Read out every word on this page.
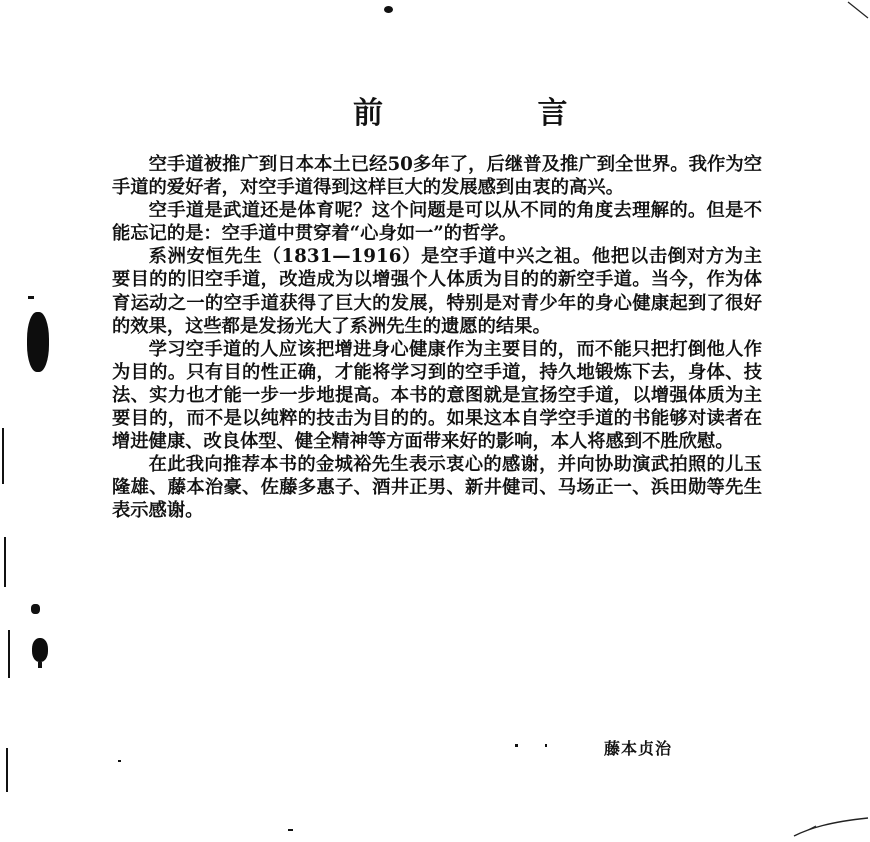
前 言

空手道被推广到日本本土已经50多年了，后继普及推广到全世界。我作为空手道的爱好者，对空手道得到这样巨大的发展感到由衷的高兴。

空手道是武道还是体育呢？这个问题是可以从不同的角度去理解的。但是不能忘记的是：空手道中贯穿着“心身如一”的哲学。

系洲安恒先生（1831—1916）是空手道中兴之祖。他把以击倒对方为主要目的的旧空手道，改造成为以增强个人体质为目的的新空手道。当今，作为体育运动之一的空手道获得了巨大的发展，特别是对青少年的身心健康起到了很好的效果，这些都是发扬光大了系洲先生的遗愿的结果。

学习空手道的人应该把增进身心健康作为主要目的，而不能只把打倒他人作为目的。只有目的性正确，才能将学习到的空手道，持久地锻炼下去，身体、技法、实力也才能一步一步地提高。本书的意图就是宣扬空手道，以增强体质为主要目的，而不是以纯粹的技击为目的的。如果这本自学空手道的书能够对读者在增进健康、改良体型、健全精神等方面带来好的影响，本人将感到不胜欣慰。

在此我向推荐本书的金城裕先生表示衷心的感谢，并向协助演武拍照的儿玉隆雄、藤本治豪、佐藤多惠子、酒井正男、新井健司、马场正一、浜田勋等先生表示感谢。

藤本贞治
